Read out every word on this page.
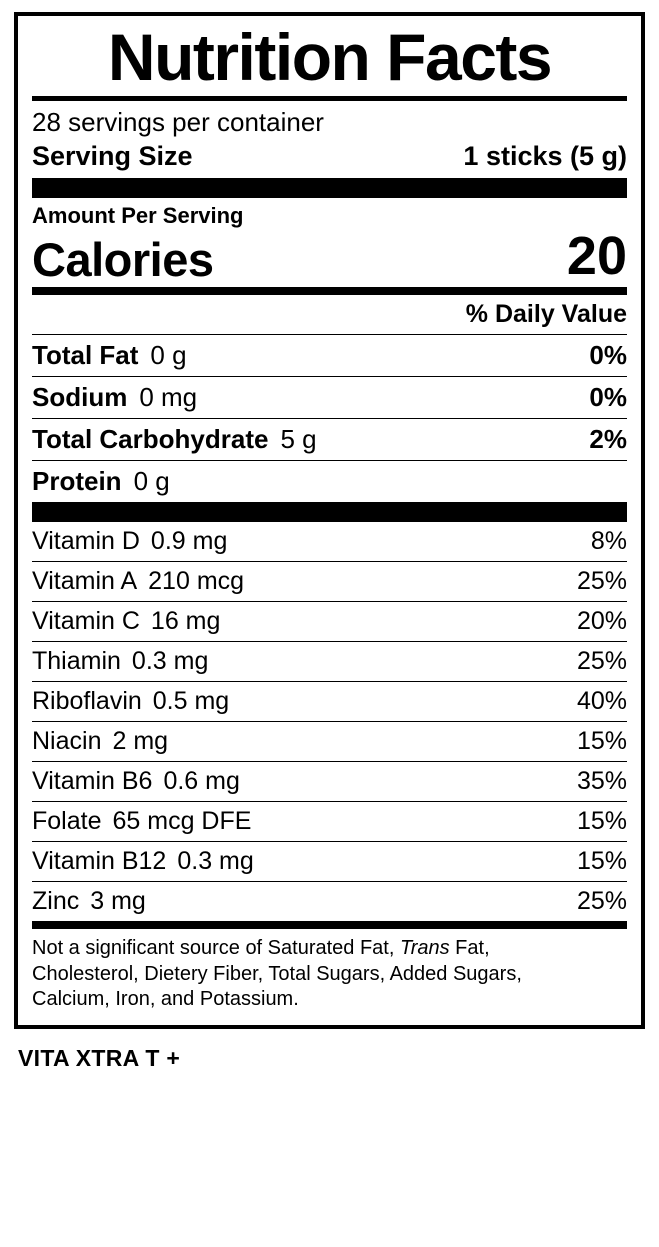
Nutrition Facts
28 servings per container
Serving Size	1 sticks (5 g)
Amount Per Serving
Calories	20
% Daily Value
Total Fat 0 g	0%
Sodium 0 mg	0%
Total Carbohydrate 5 g	2%
Protein 0 g
Vitamin D 0.9 mg	8%
Vitamin A 210 mcg	25%
Vitamin C 16 mg	20%
Thiamin 0.3 mg	25%
Riboflavin 0.5 mg	40%
Niacin 2 mg	15%
Vitamin B6 0.6 mg	35%
Folate 65 mcg DFE	15%
Vitamin B12 0.3 mg	15%
Zinc 3 mg	25%
Not a significant source of Saturated Fat, Trans Fat,
Cholesterol, Dietery Fiber, Total Sugars, Added Sugars,
Calcium, Iron, and Potassium.
VITA XTRA T +
